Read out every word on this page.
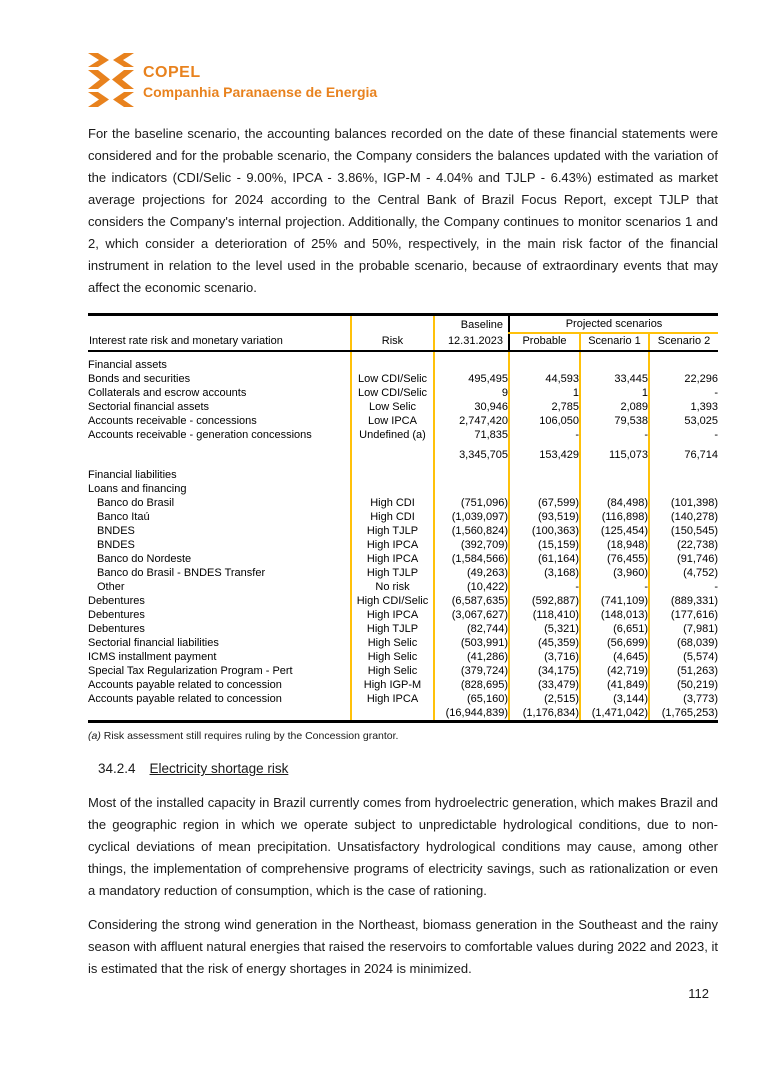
COPEL
Companhia Paranaense de Energia

For the baseline scenario, the accounting balances recorded on the date of these financial statements were considered and for the probable scenario, the Company considers the balances updated with the variation of the indicators (CDI/Selic - 9.00%, IPCA - 3.86%, IGP-M - 4.04% and TJLP - 6.43%) estimated as market average projections for 2024 according to the Central Bank of Brazil Focus Report, except TJLP that considers the Company's internal projection. Additionally, the Company continues to monitor scenarios 1 and 2, which consider a deterioration of 25% and 50%, respectively, in the main risk factor of the financial instrument in relation to the level used in the probable scenario, because of extraordinary events that may affect the economic scenario.

		Baseline	Projected scenarios		
Interest rate risk and monetary variation	Risk	12.31.2023	Probable	Scenario 1	Scenario 2
Financial assets					
Bonds and securities	Low CDI/Selic	495,495	44,593	33,445	22,296
Collaterals and escrow accounts	Low CDI/Selic	9	1	1	-
Sectorial financial assets	Low Selic	30,946	2,785	2,089	1,393
Accounts receivable - concessions	Low IPCA	2,747,420	106,050	79,538	53,025
Accounts receivable - generation concessions	Undefined (a)	71,835	-	-	-
		3,345,705	153,429	115,073	76,714
Financial liabilities					
Loans and financing					
Banco do Brasil	High CDI	(751,096)	(67,599)	(84,498)	(101,398)
Banco Itaú	High CDI	(1,039,097)	(93,519)	(116,898)	(140,278)
BNDES	High TJLP	(1,560,824)	(100,363)	(125,454)	(150,545)
BNDES	High IPCA	(392,709)	(15,159)	(18,948)	(22,738)
Banco do Nordeste	High IPCA	(1,584,566)	(61,164)	(76,455)	(91,746)
Banco do Brasil - BNDES Transfer	High TJLP	(49,263)	(3,168)	(3,960)	(4,752)
Other	No risk	(10,422)	-	-	-
Debentures	High CDI/Selic	(6,587,635)	(592,887)	(741,109)	(889,331)
Debentures	High IPCA	(3,067,627)	(118,410)	(148,013)	(177,616)
Debentures	High TJLP	(82,744)	(5,321)	(6,651)	(7,981)
Sectorial financial liabilities	High Selic	(503,991)	(45,359)	(56,699)	(68,039)
ICMS installment payment	High Selic	(41,286)	(3,716)	(4,645)	(5,574)
Special Tax Regularization Program - Pert	High Selic	(379,724)	(34,175)	(42,719)	(51,263)
Accounts payable related to concession	High IGP-M	(828,695)	(33,479)	(41,849)	(50,219)
Accounts payable related to concession	High IPCA	(65,160)	(2,515)	(3,144)	(3,773)
		(16,944,839)	(1,176,834)	(1,471,042)	(1,765,253)

(a) Risk assessment still requires ruling by the Concession grantor.

34.2.4 Electricity shortage risk

Most of the installed capacity in Brazil currently comes from hydroelectric generation, which makes Brazil and the geographic region in which we operate subject to unpredictable hydrological conditions, due to non-cyclical deviations of mean precipitation. Unsatisfactory hydrological conditions may cause, among other things, the implementation of comprehensive programs of electricity savings, such as rationalization or even a mandatory reduction of consumption, which is the case of rationing.

Considering the strong wind generation in the Northeast, biomass generation in the Southeast and the rainy season with affluent natural energies that raised the reservoirs to comfortable values during 2022 and 2023, it is estimated that the risk of energy shortages in 2024 is minimized.

112
